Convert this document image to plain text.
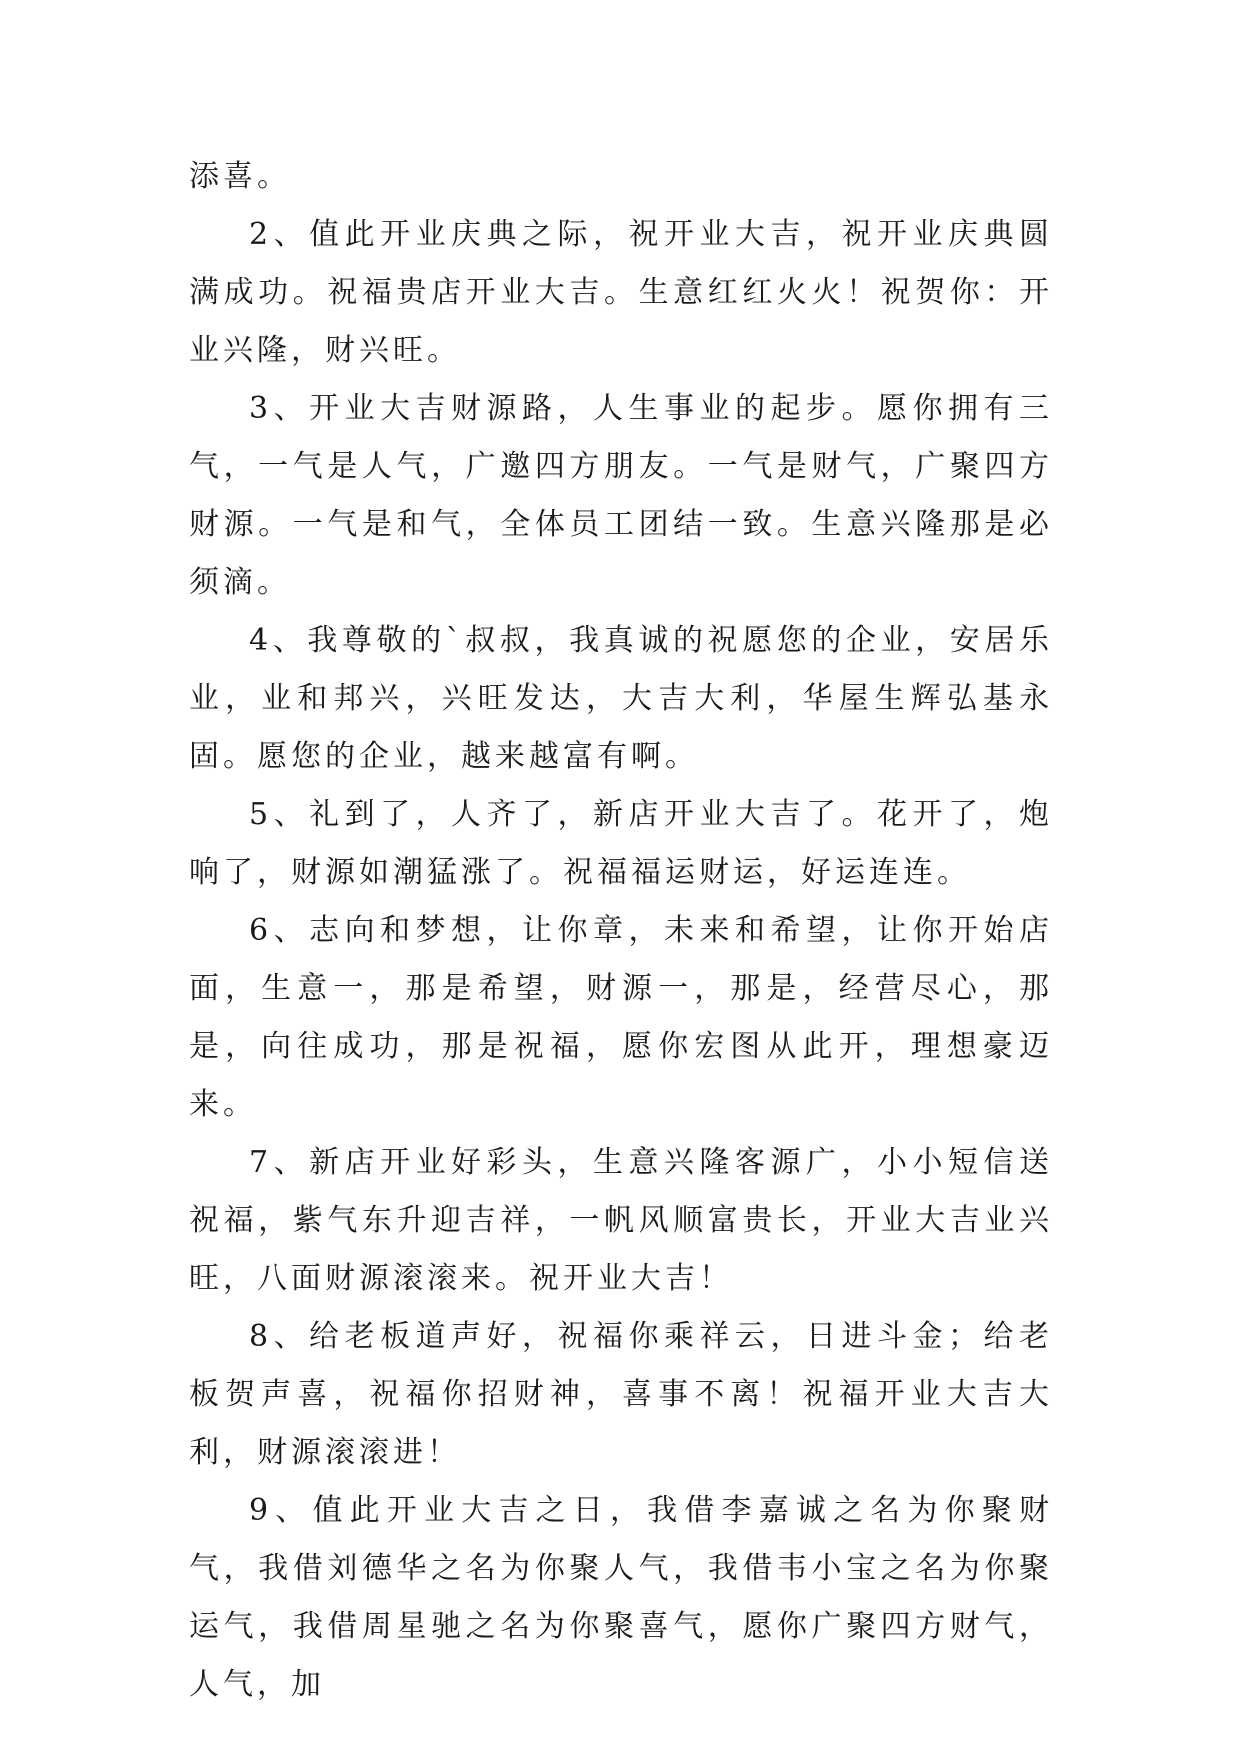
添喜。

2、值此开业庆典之际，祝开业大吉，祝开业庆典圆满成功。祝福贵店开业大吉。生意红红火火！祝贺你：开业兴隆，财兴旺。

3、开业大吉财源路，人生事业的起步。愿你拥有三气，一气是人气，广邀四方朋友。一气是财气，广聚四方财源。一气是和气，全体员工团结一致。生意兴隆那是必须滴。

4、我尊敬的`叔叔，我真诚的祝愿您的企业，安居乐业，业和邦兴，兴旺发达，大吉大利，华屋生辉弘基永固。愿您的企业，越来越富有啊。

5、礼到了，人齐了，新店开业大吉了。花开了，炮响了，财源如潮猛涨了。祝福福运财运，好运连连。

6、志向和梦想，让你章，未来和希望，让你开始店面，生意一，那是希望，财源一，那是，经营尽心，那是，向往成功，那是祝福，愿你宏图从此开，理想豪迈来。

7、新店开业好彩头，生意兴隆客源广，小小短信送祝福，紫气东升迎吉祥，一帆风顺富贵长，开业大吉业兴旺，八面财源滚滚来。祝开业大吉！

8、给老板道声好，祝福你乘祥云，日进斗金；给老板贺声喜，祝福你招财神，喜事不离！祝福开业大吉大利，财源滚滚进！

9、值此开业大吉之日，我借李嘉诚之名为你聚财气，我借刘德华之名为你聚人气，我借韦小宝之名为你聚运气，我借周星驰之名为你聚喜气，愿你广聚四方财气，人气，加
